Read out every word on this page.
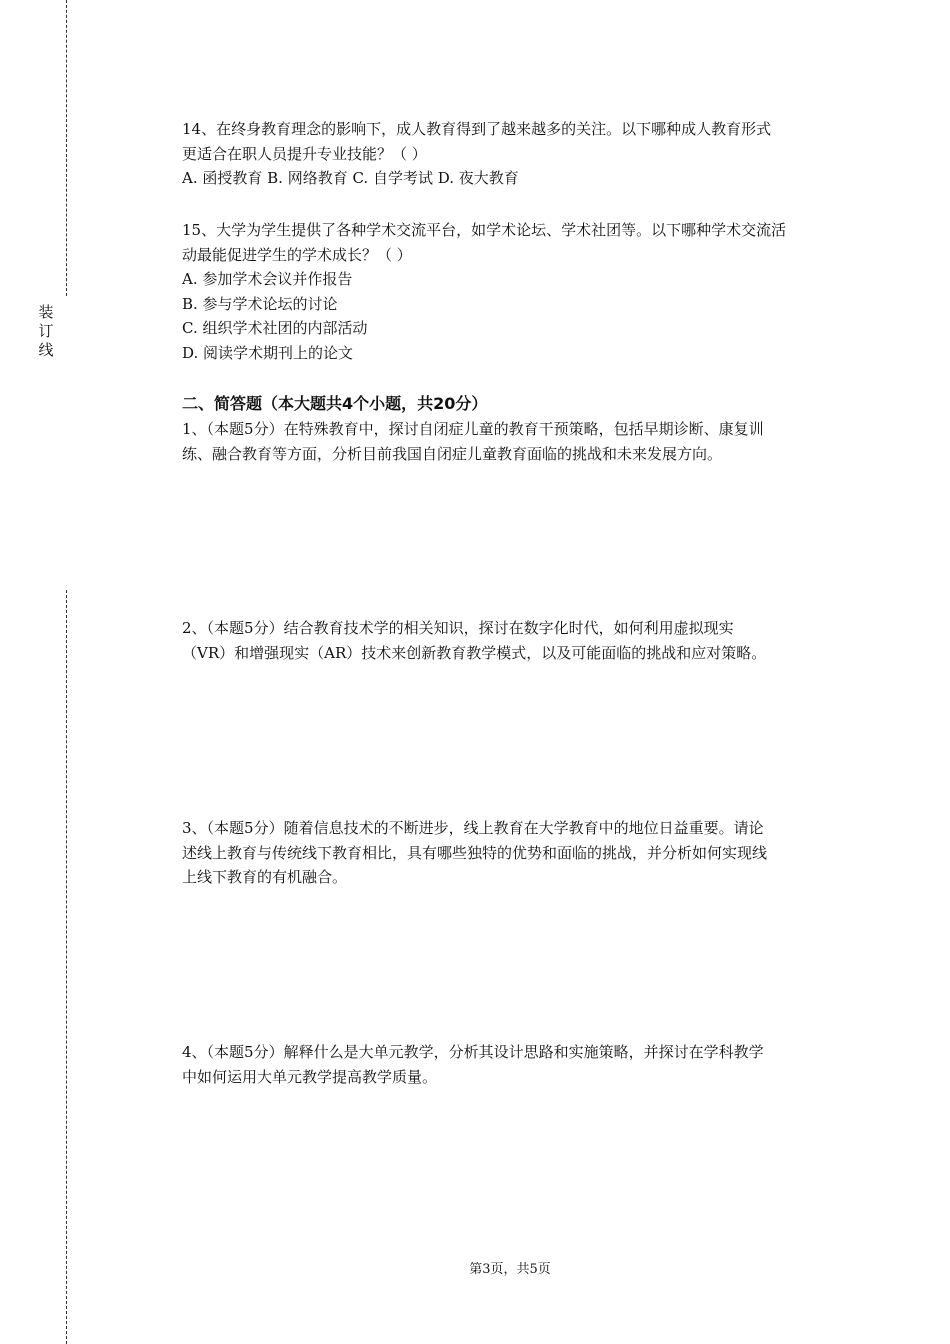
装订线
14、在终身教育理念的影响下，成人教育得到了越来越多的关注。以下哪种成人教育形式
更适合在职人员提升专业技能？（ ）
A. 函授教育 B. 网络教育 C. 自学考试 D. 夜大教育
15、大学为学生提供了各种学术交流平台，如学术论坛、学术社团等。以下哪种学术交流活
动最能促进学生的学术成长？（ ）
A. 参加学术会议并作报告
B. 参与学术论坛的讨论
C. 组织学术社团的内部活动
D. 阅读学术期刊上的论文
二、简答题（本大题共4个小题，共20分）
1、（本题5分）在特殊教育中，探讨自闭症儿童的教育干预策略，包括早期诊断、康复训
练、融合教育等方面，分析目前我国自闭症儿童教育面临的挑战和未来发展方向。
2、（本题5分）结合教育技术学的相关知识，探讨在数字化时代，如何利用虚拟现实
（VR）和增强现实（AR）技术来创新教育教学模式，以及可能面临的挑战和应对策略。
3、（本题5分）随着信息技术的不断进步，线上教育在大学教育中的地位日益重要。请论
述线上教育与传统线下教育相比，具有哪些独特的优势和面临的挑战，并分析如何实现线
上线下教育的有机融合。
4、（本题5分）解释什么是大单元教学，分析其设计思路和实施策略，并探讨在学科教学
中如何运用大单元教学提高教学质量。
第3页，共5页
